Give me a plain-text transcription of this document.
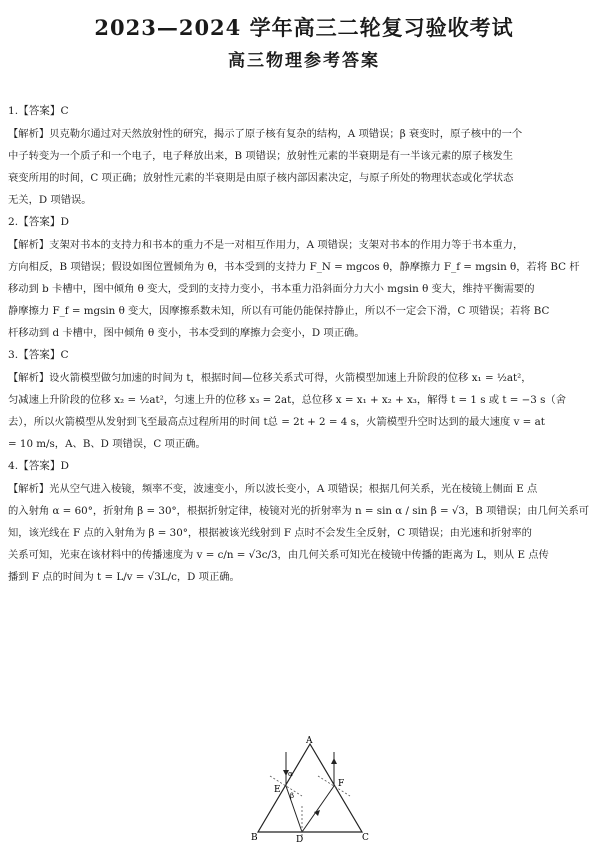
2023—2024 学年高三二轮复习验收考试
高三物理参考答案
1.【答案】C

【解析】贝克勒尔通过对天然放射性的研究，揭示了原子核有复杂的结构，A 项错误；β 衰变时，原子核中的一个

中子转变为一个质子和一个电子，电子释放出来，B 项错误；放射性元素的半衰期是有一半该元素的原子核发生

衰变所用的时间，C 项正确；放射性元素的半衰期是由原子核内部因素决定，与原子所处的物理状态或化学状态

无关，D 项错误。

2.【答案】D

【解析】支架对书本的支持力和书本的重力不是一对相互作用力，A 项错误；支架对书本的作用力等于书本重力，

方向相反，B 项错误；假设如图位置倾角为 θ，书本受到的支持力 F_N = mgcos θ，静摩擦力 F_f = mgsin θ，若将 BC 杆

移动到 b 卡槽中，图中倾角 θ 变大，受到的支持力变小，书本重力沿斜面分力大小 mgsin θ 变大，维持平衡需要的

静摩擦力 F_f = mgsin θ 变大，因摩擦系数未知，所以有可能仍能保持静止，所以不一定会下滑，C 项错误；若将 BC

杆移动到 d 卡槽中，图中倾角 θ 变小，书本受到的摩擦力会变小，D 项正确。

3.【答案】C

【解析】设火箭模型做匀加速的时间为 t，根据时间—位移关系式可得，火箭模型加速上升阶段的位移 x₁ = ½at²，

匀减速上升阶段的位移 x₂ = ½at²，匀速上升的位移 x₃ = 2at，总位移 x = x₁ + x₂ + x₃，解得 t = 1 s 或 t = −3 s（舍

去），所以火箭模型从发射到飞至最高点过程所用的时间 t总 = 2t + 2 = 4 s，火箭模型升空时达到的最大速度 v = at

= 10 m/s，A、B、D 项错误，C 项正确。

4.【答案】D

【解析】光从空气进入棱镜，频率不变，波速变小，所以波长变小，A 项错误；根据几何关系，光在棱镜上侧面 E 点

的入射角 α = 60°，折射角 β = 30°，根据折射定律，棱镜对光的折射率为 n = sin α / sin β = √3，B 项错误；由几何关系可

知，该光线在 F 点的入射角为 β = 30°，根据被该光线射到 F 点时不会发生全反射，C 项错误；由光速和折射率的

关系可知，光束在该材料中的传播速度为 v = c/n = √3c/3，由几何关系可知光在棱镜中传播的距离为 L，则从 E 点传

播到 F 点的时间为 t = L/v = √3L/c，D 项正确。

A
B	C
D
E
F
α
β
